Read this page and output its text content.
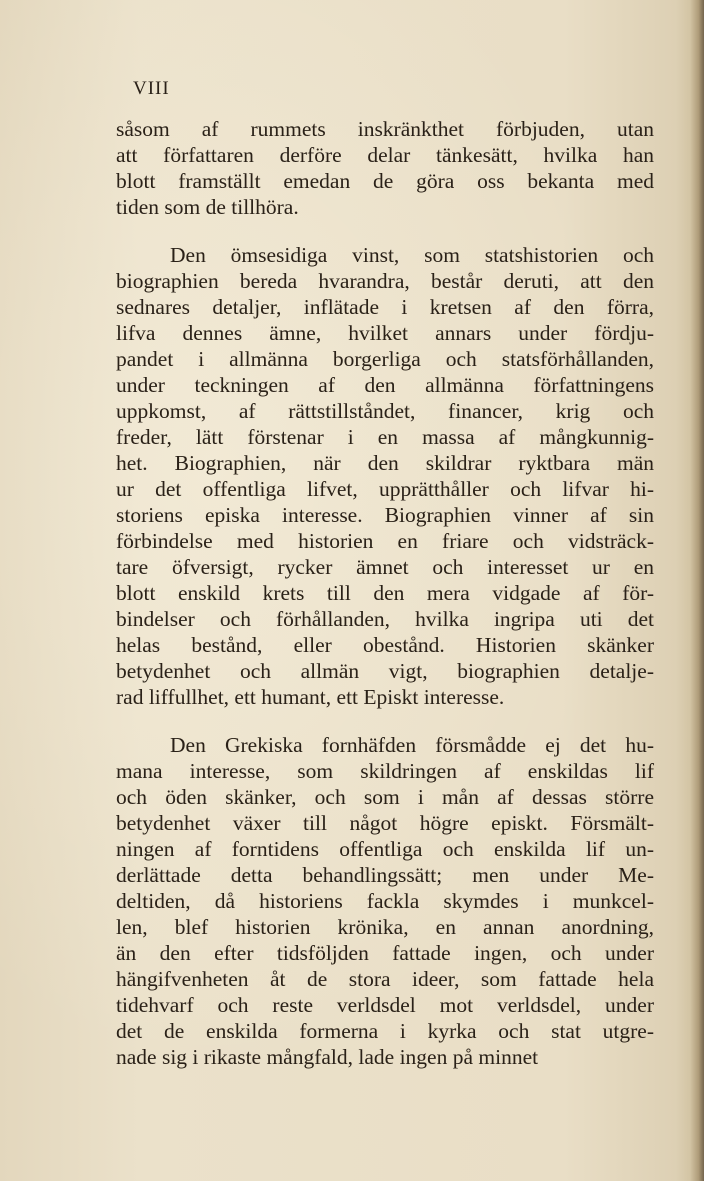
VIII
såsom af rummets inskränkthet förbjuden, utan
att författaren derföre delar tänkesätt, hvilka han
blott framställt emedan de göra oss bekanta med
tiden som de tillhöra.
Den ömsesidiga vinst, som statshistorien och
biographien bereda hvarandra, består deruti, att den
sednares detaljer, inflätade i kretsen af den förra,
lifva dennes ämne, hvilket annars under fördju-
pandet i allmänna borgerliga och statsförhållanden,
under teckningen af den allmänna författningens
uppkomst, af rättstillståndet, financer, krig och
freder, lätt förstenar i en massa af mångkunnig-
het. Biographien, när den skildrar ryktbara män
ur det offentliga lifvet, upprätthåller och lifvar hi-
storiens episka interesse. Biographien vinner af sin
förbindelse med historien en friare och vidsträck-
tare öfversigt, rycker ämnet och interesset ur en
blott enskild krets till den mera vidgade af för-
bindelser och förhållanden, hvilka ingripa uti det
helas bestånd, eller obestånd. Historien skänker
betydenhet och allmän vigt, biographien detalje-
rad liffullhet, ett humant, ett Episkt interesse.
Den Grekiska fornhäfden försmådde ej det hu-
mana interesse, som skildringen af enskildas lif
och öden skänker, och som i mån af dessas större
betydenhet växer till något högre episkt. Försmält-
ningen af forntidens offentliga och enskilda lif un-
derlättade detta behandlingssätt; men under Me-
deltiden, då historiens fackla skymdes i munkcel-
len, blef historien krönika, en annan anordning,
än den efter tidsföljden fattade ingen, och under
hängifvenheten åt de stora ideer, som fattade hela
tidehvarf och reste verldsdel mot verldsdel, under
det de enskilda formerna i kyrka och stat utgre-
nade sig i rikaste mångfald, lade ingen på minnet
